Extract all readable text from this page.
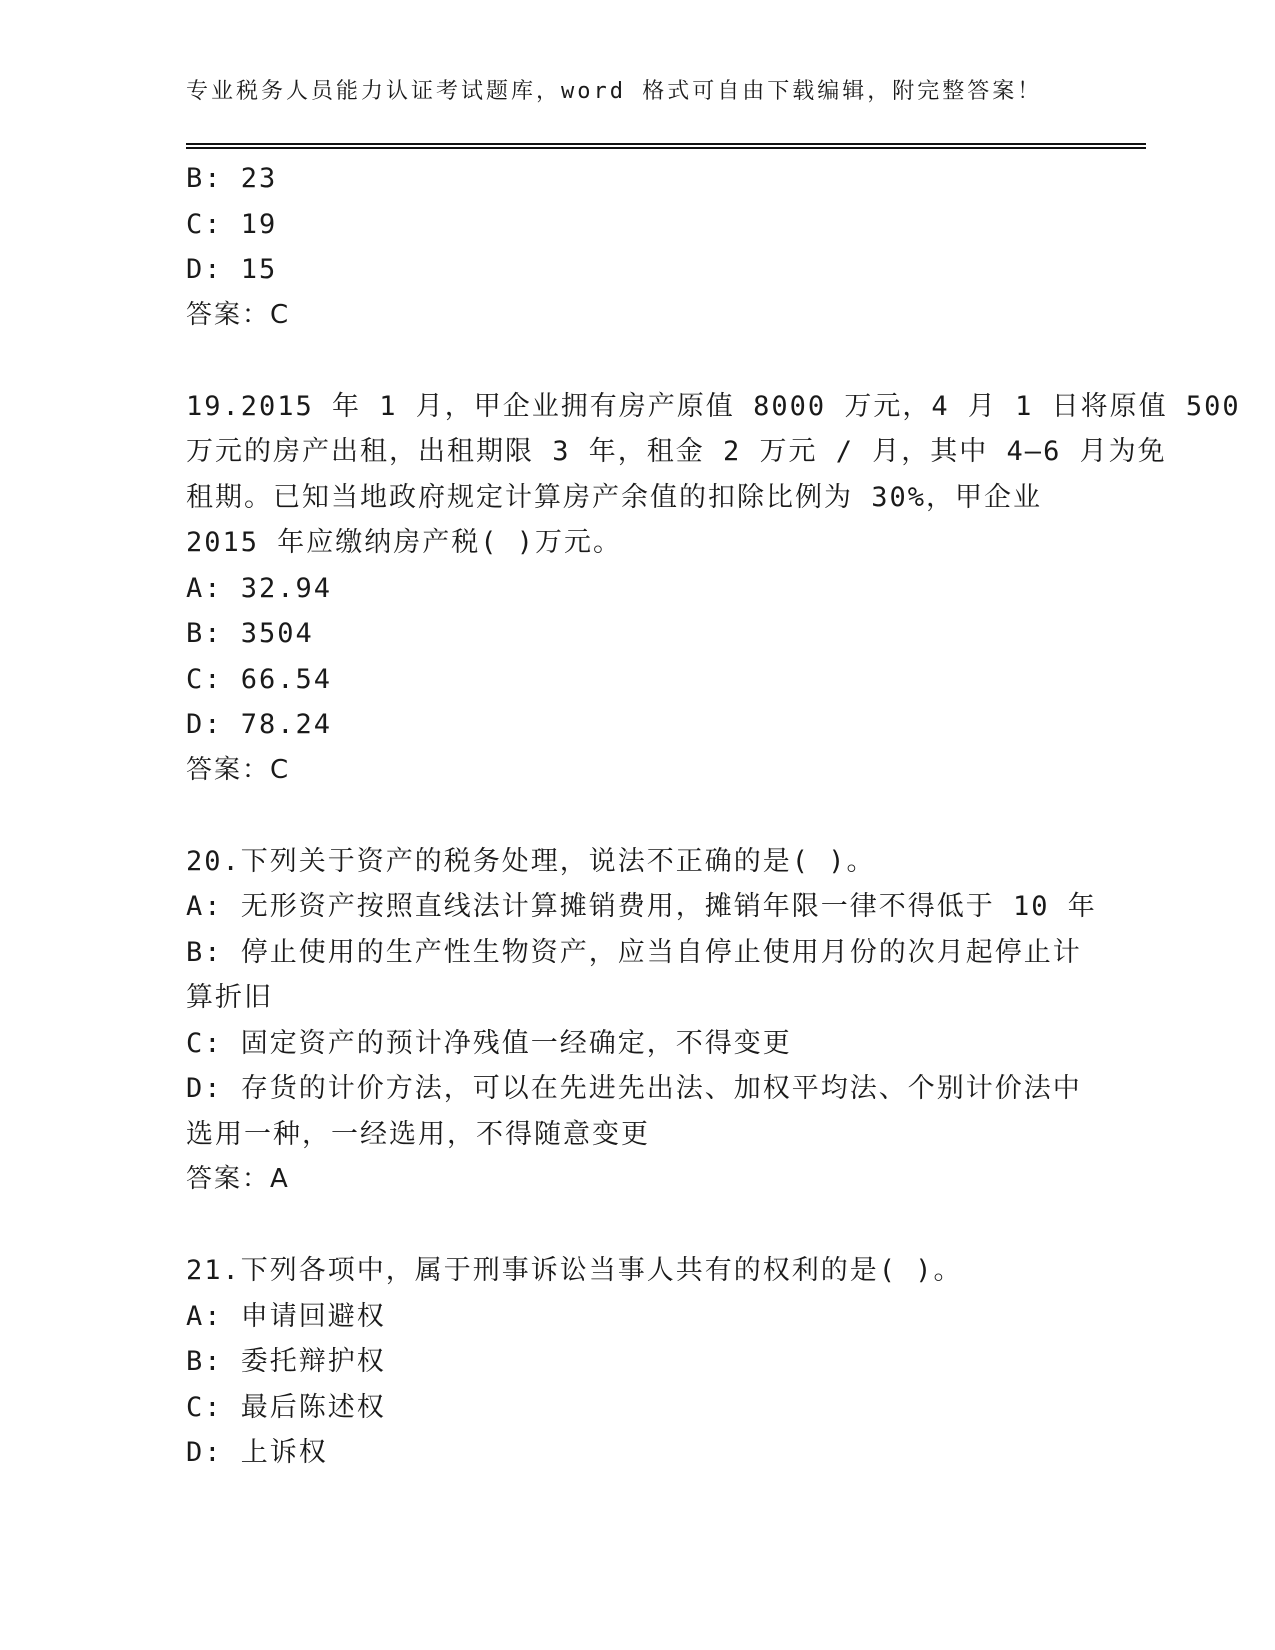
专业税务人员能力认证考试题库，word 格式可自由下载编辑，附完整答案！
B: 23
C: 19
D: 15
答案：C
19.2015 年 1 月，甲企业拥有房产原值 8000 万元，4 月 1 日将原值 500
万元的房产出租，出租期限 3 年，租金 2 万元 / 月，其中 4—6 月为免
租期。已知当地政府规定计算房产余值的扣除比例为 30%，甲企业
2015 年应缴纳房产税( )万元。
A: 32.94
B: 3504
C: 66.54
D: 78.24
答案：C
20.下列关于资产的税务处理，说法不正确的是( )。
A: 无形资产按照直线法计算摊销费用，摊销年限一律不得低于 10 年
B: 停止使用的生产性生物资产，应当自停止使用月份的次月起停止计
算折旧
C: 固定资产的预计净残值一经确定，不得变更
D: 存货的计价方法，可以在先进先出法、加权平均法、个别计价法中
选用一种，一经选用，不得随意变更
答案：A
21.下列各项中，属于刑事诉讼当事人共有的权利的是( )。
A: 申请回避权
B: 委托辩护权
C: 最后陈述权
D: 上诉权
